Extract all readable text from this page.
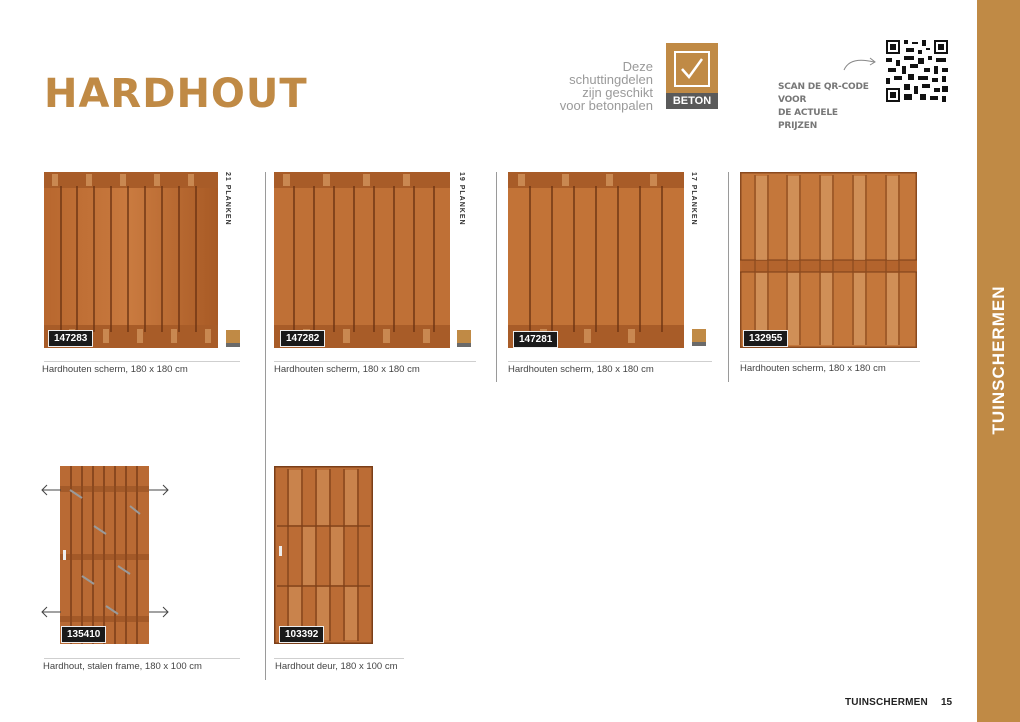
HARDHOUT
Deze
schuttingdelen
zijn geschikt
voor betonpalen	BETON
SCAN DE QR-CODE VOOR
DE ACTUELE PRIJZEN
TUINSCHERMEN
147283
21 PLANKEN
Hardhouten scherm, 180 x 180 cm
147282
19 PLANKEN
Hardhouten scherm, 180 x 180 cm
147281
17 PLANKEN
Hardhouten scherm, 180 x 180 cm
132955
Hardhouten scherm, 180 x 180 cm
135410
Hardhout, stalen frame, 180 x 100 cm
103392
Hardhout deur, 180 x 100 cm
TUINSCHERMEN 15
